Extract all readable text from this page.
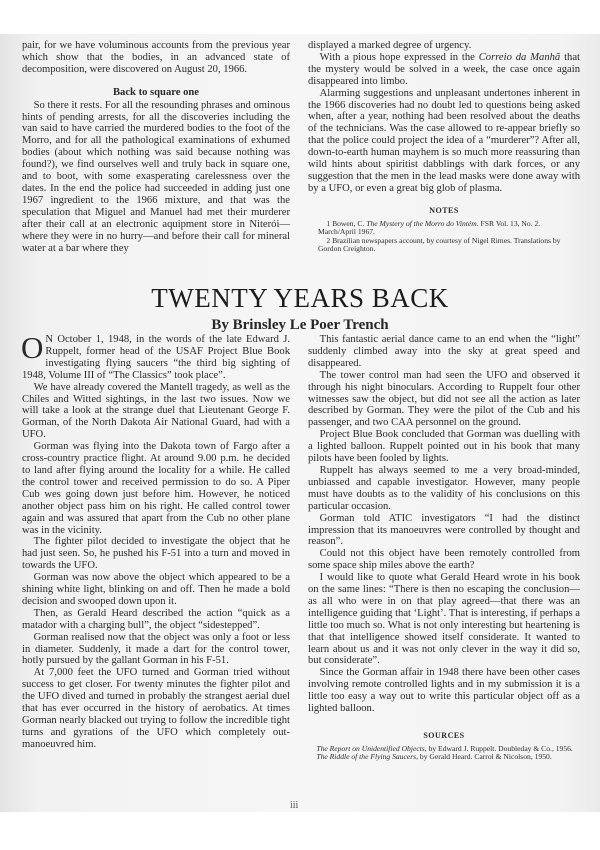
pair, for we have voluminous accounts from the previous year which show that the bodies, in an advanced state of decomposition, were discovered on August 20, 1966.

Back to square one

So there it rests. For all the resounding phrases and ominous hints of pending arrests, for all the discoveries including the van said to have carried the murdered bodies to the foot of the Morro, and for all the pathological examinations of exhumed bodies (about which nothing was said because nothing was found?), we find ourselves well and truly back in square one, and to boot, with some exasperating carelessness over the dates. In the end the police had succeeded in adding just one 1967 ingredient to the 1966 mixture, and that was the speculation that Miguel and Manuel had met their murderer after their call at an electronic aquipment store in Niterói—where they were in no hurry—and before their call for mineral water at a bar where they

displayed a marked degree of urgency.

With a pious hope expressed in the Correio da Manhã that the mystery would be solved in a week, the case once again disappeared into limbo.

Alarming suggestions and unpleasant undertones inherent in the 1966 discoveries had no doubt led to questions being asked when, after a year, nothing had been resolved about the deaths of the technicians. Was the case allowed to re-appear briefly so that the police could project the idea of a “murderer”? After all, down-to-earth human mayhem is so much more reassuring than wild hints about spiritist dabblings with dark forces, or any suggestion that the men in the lead masks were done away with by a UFO, or even a great big glob of plasma.

NOTES

1 Bowen, C. The Mystery of the Morro do Vintém. FSR Vol. 13, No. 2. March/April 1967.

2 Brazilian newspapers account, by courtesy of Nigel Rimes. Translations by Gordon Creighton.

TWENTY YEARS BACK
By Brinsley Le Poer Trench

O N October 1, 1948, in the words of the late Edward J. Ruppelt, former head of the USAF Project Blue Book investigating flying saucers “the third big sighting of 1948, Volume III of “The Classics” took place”.

We have already covered the Mantell tragedy, as well as the Chiles and Witted sightings, in the last two issues. Now we will take a look at the strange duel that Lieutenant George F. Gorman, of the North Dakota Air National Guard, had with a UFO.

Gorman was flying into the Dakota town of Fargo after a cross-country practice flight. At around 9.00 p.m. he decided to land after flying around the locality for a while. He called the control tower and received permission to do so. A Piper Cub wes going down just before him. However, he noticed another object pass him on his right. He called control tower again and was assured that apart from the Cub no other plane was in the vicinity.

The fighter pilot decided to investigate the object that he had just seen. So, he pushed his F-51 into a turn and moved in towards the UFO.

Gorman was now above the object which appeared to be a shining white light, blinking on and off. Then he made a bold decision and swooped down upon it.

Then, as Gerald Heard described the action “quick as a matador with a charging bull”, the object “sidestepped”.

Gorman realised now that the object was only a foot or less in diameter. Suddenly, it made a dart for the control tower, hotly pursued by the gallant Gorman in his F-51.

At 7,000 feet the UFO turned and Gorman tried without success to get closer. For twenty minutes the fighter pilot and the UFO dived and turned in probably the strangest aerial duel that has ever occurred in the history of aerobatics. At times Gorman nearly blacked out trying to follow the incredible tight turns and gyrations of the UFO which completely out-manoeuvred him.

This fantastic aerial dance came to an end when the “light” suddenly climbed away into the sky at great speed and disappeared.

The tower control man had seen the UFO and observed it through his night binoculars. According to Ruppelt four other witnesses saw the object, but did not see all the action as later described by Gorman. They were the pilot of the Cub and his passenger, and two CAA personnel on the ground.

Project Blue Book concluded that Gorman was duelling with a lighted balloon. Ruppelt pointed out in his book that many pilots have been fooled by lights.

Ruppelt has always seemed to me a very broad-minded, unbiassed and capable investigator. However, many people must have doubts as to the validity of his conclusions on this particular occasion.

Gorman told ATIC investigators “I had the distinct impression that its manoeuvres were controlled by thought and reason”.

Could not this object have been remotely controlled from some space ship miles above the earth?

I would like to quote what Gerald Heard wrote in his book on the same lines: “There is then no escaping the conclusion—as all who were in on that play agreed—that there was an intelligence guiding that ‘Light’. That is interesting, if perhaps a little too much so. What is not only interesting but heartening is that that intelligence showed itself considerate. It wanted to learn about us and it was not only clever in the way it did so, but considerate”.

Since the Gorman affair in 1948 there have been other cases involving remote controlled lights and in my submission it is a little too easy a way out to write this particular object off as a lighted balloon.

SOURCES

The Report on Unidentified Objects, by Edward J. Ruppelt. Doubleday & Co., 1956.

The Riddle of the Flying Saucers, by Gerald Heard. Carrol & Nicolson, 1950.

iii
